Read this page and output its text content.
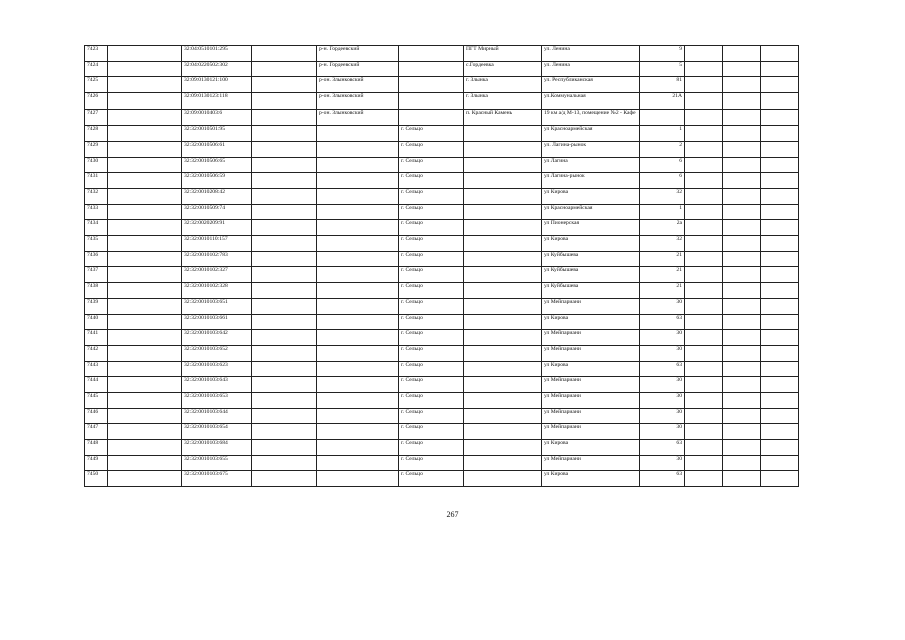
7423		32:04:0510101:295		р-н. Гордеевский		ПГТ Мирный	ул. Ленина	9			
7424		32:04:0220502:302		р-н. Гордеевский		с.Гордеевка	ул. Ленина	5			
7425		32:09:0130121:100		р-он. Злынковский		г. Злынка	ул. Республиканская	81			
7426		32:09:0130123:118		р-он. Злынковский		г. Злынка	ул.Коммунальная	21А			
7427		32:09:0010403:6		р-он. Злынковский		п. Красный Камень	19 км а/д М-13, помещение №2 - Кафе				
7428		32:32:0010501:95			г. Сельцо		ул Красноармейская	1			
7429		32:32:0010506:61			г. Сельцо		ул. Лагина-рынок	2			
7430		32:32:0010506:65			г. Сельцо		ул Лагина	6			
7431		32:32:0010506:59			г. Сельцо		ул Лагина-рынок	6			
7432		32:32:0010208:42			г. Сельцо		ул Кирова	32			
7433		32:32:0010509:74			г. Сельцо		ул Красноармейская	1			
7434		32:32:0020209:91			г. Сельцо		ул Пионерская	2а			
7435		32:32:0010110:157			г. Сельцо		ул Кирова	32			
7436		32:32:0010102:783			г. Сельцо		ул Куйбышева	21			
7437		32:32:0010102:327			г. Сельцо		ул Куйбышева	21			
7438		32:32:0010102:328			г. Сельцо		ул Куйбышева	21			
7439		32:32:0010103:651			г. Сельцо		ул Мейпариани	30			
7440		32:32:0010103:661			г. Сельцо		ул Кирова	63			
7441		32:32:0010103:642			г. Сельцо		ул Мейпариани	30			
7442		32:32:0010103:652			г. Сельцо		ул Мейпариани	30			
7443		32:32:0010103:623			г. Сельцо		ул Кирова	63			
7444		32:32:0010103:643			г. Сельцо		ул Мейпариани	30			
7445		32:32:0010103:653			г. Сельцо		ул Мейпариани	30			
7446		32:32:0010103:644			г. Сельцо		ул Мейпариани	30			
7447		32:32:0010103:654			г. Сельцо		ул Мейпариани	30			
7448		32:32:0010103:684			г. Сельцо		ул Кирова	63			
7449		32:32:0010103:655			г. Сельцо		ул Мейпариани	30			
7450		32:32:0010103:675			г. Сельцо		ул Кирова	63			
267
